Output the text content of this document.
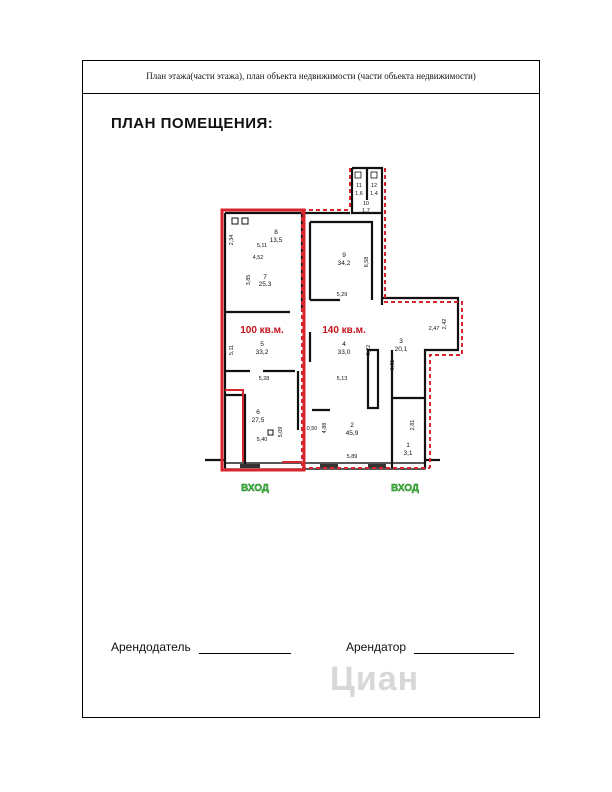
План этажа(части этажа), план объекта недвижимости (части объекта недвижимости)
ПЛАН ПОМЕЩЕНИЯ:
8
13,5
7
25,3
5
33,2
6
27,5
9
34,2
4
33,0
2
45,9
3
20,1
1
3,1
11
1,6
12
1,4
10
1,7
2,34
5,11
4,52
3,85
5,11
5,28
5,40
5,09
6,58
5,29
5,22
5,13
6,61
4,88
0,50
5,89
2,47 2,42
2,81
100 кв.м.	140 кв.м.
ВХОД	ВХОД
Арендодатель	Арендатор
Циан
